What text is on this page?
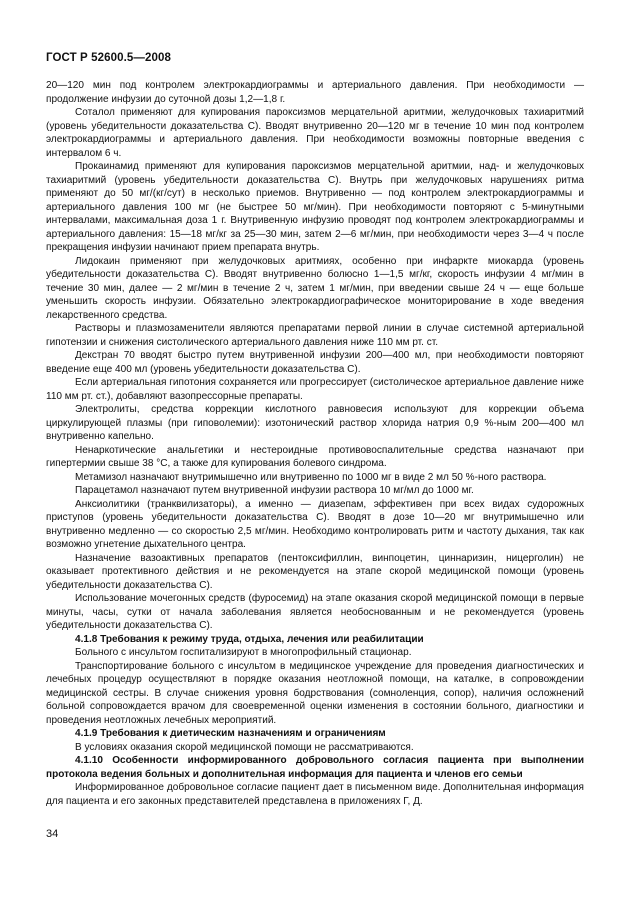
ГОСТ Р 52600.5—2008

20—120 мин под контролем электрокардиограммы и артериального давления. При необходимости — продолжение инфузии до суточной дозы 1,2—1,8 г.

Соталол применяют для купирования пароксизмов мерцательной аритмии, желудочковых тахиаритмий (уровень убедительности доказательства С). Вводят внутривенно 20—120 мг в течение 10 мин под контролем электрокардиограммы и артериального давления. При необходимости возможны повторные введения с интервалом 6 ч.

Прокаинамид применяют для купирования пароксизмов мерцательной аритмии, над- и желудочковых тахиаритмий (уровень убедительности доказательства С). Внутрь при желудочковых нарушениях ритма применяют до 50 мг/(кг/сут) в несколько приемов. Внутривенно — под контролем электрокардиограммы и артериального давления 100 мг (не быстрее 50 мг/мин). При необходимости повторяют с 5-минутными интервалами, максимальная доза 1 г. Внутривенную инфузию проводят под контролем электрокардиограммы и артериального давления: 15—18 мг/кг за 25—30 мин, затем 2—6 мг/мин, при необходимости через 3—4 ч после прекращения инфузии начинают прием препарата внутрь.

Лидокаин применяют при желудочковых аритмиях, особенно при инфаркте миокарда (уровень убедительности доказательства С). Вводят внутривенно болюсно 1—1,5 мг/кг, скорость инфузии 4 мг/мин в течение 30 мин, далее — 2 мг/мин в течение 2 ч, затем 1 мг/мин, при введении свыше 24 ч — еще больше уменьшить скорость инфузии. Обязательно электрокардиографическое мониторирование в ходе введения лекарственного средства.

Растворы и плазмозаменители являются препаратами первой линии в случае системной артериальной гипотензии и снижения систолического артериального давления ниже 110 мм рт. ст.

Декстран 70 вводят быстро путем внутривенной инфузии 200—400 мл, при необходимости повторяют введение еще 400 мл (уровень убедительности доказательства С).

Если артериальная гипотония сохраняется или прогрессирует (систолическое артериальное давление ниже 110 мм рт. ст.), добавляют вазопрессорные препараты.

Электролиты, средства коррекции кислотного равновесия используют для коррекции объема циркулирующей плазмы (при гиповолемии): изотонический раствор хлорида натрия 0,9 %-ным 200—400 мл внутривенно капельно.

Ненаркотические анальгетики и нестероидные противовоспалительные средства назначают при гипертермии свыше 38 °С, а также для купирования болевого синдрома.

Метамизол назначают внутримышечно или внутривенно по 1000 мг в виде 2 мл 50 %-ного раствора.

Парацетамол назначают путем внутривенной инфузии раствора 10 мг/мл до 1000 мг.

Анксиолитики (транквилизаторы), а именно — диазепам, эффективен при всех видах судорожных приступов (уровень убедительности доказательства С). Вводят в дозе 10—20 мг внутримышечно или внутривенно медленно — со скоростью 2,5 мг/мин. Необходимо контролировать ритм и частоту дыхания, так как возможно угнетение дыхательного центра.

Назначение вазоактивных препаратов (пентоксифиллин, винпоцетин, циннаризин, ницерголин) не оказывает протективного действия и не рекомендуется на этапе скорой медицинской помощи (уровень убедительности доказательства С).

Использование мочегонных средств (фуросемид) на этапе оказания скорой медицинской помощи в первые минуты, часы, сутки от начала заболевания является необоснованным и не рекомендуется (уровень убедительности доказательства С).

4.1.8 Требования к режиму труда, отдыха, лечения или реабилитации

Больного с инсультом госпитализируют в многопрофильный стационар.

Транспортирование больного с инсультом в медицинское учреждение для проведения диагностических и лечебных процедур осуществляют в порядке оказания неотложной помощи, на каталке, в сопровождении медицинской сестры. В случае снижения уровня бодрствования (сомноленция, сопор), наличия осложнений больной сопровождается врачом для своевременной оценки изменения в состоянии больного, диагностики и проведения неотложных лечебных мероприятий.

4.1.9 Требования к диетическим назначениям и ограничениям

В условиях оказания скорой медицинской помощи не рассматриваются.

4.1.10 Особенности информированного добровольного согласия пациента при выполнении протокола ведения больных и дополнительная информация для пациента и членов его семьи

Информированное добровольное согласие пациент дает в письменном виде. Дополнительная информация для пациента и его законных представителей представлена в приложениях Г, Д.

34
